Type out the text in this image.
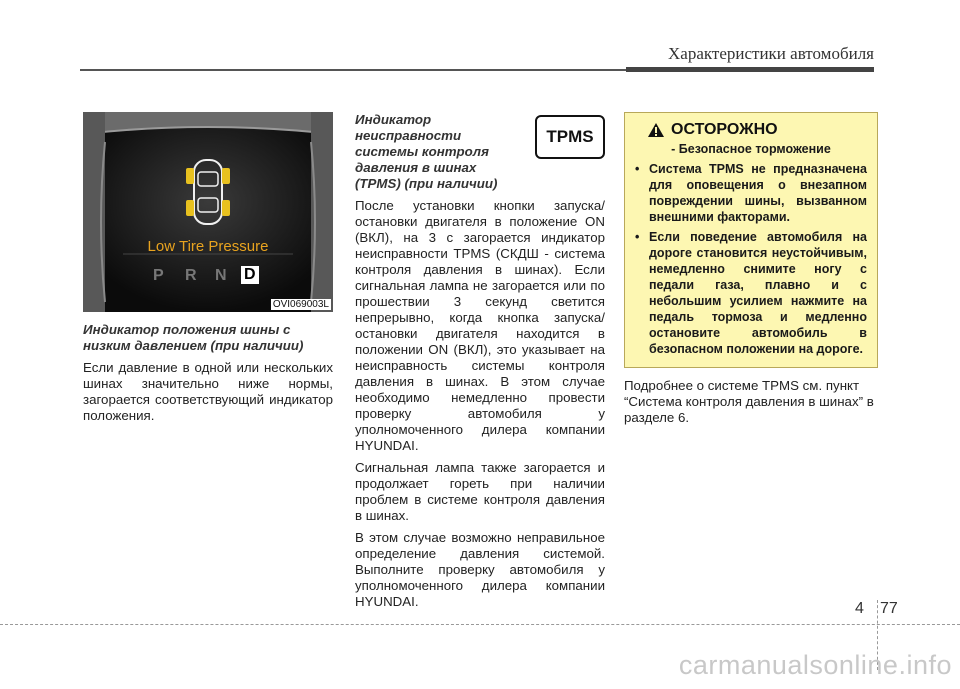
Характеристики автомобиля
Low Tire Pressure
P R N D
OVI069003L
Индикатор положения шины с низким давлением (при наличии)
Если давление в одной или нескольких шинах значительно ниже нормы, загорается соответствующий индикатор положения.
TPMS
Индикатор неисправности системы контроля давления в шинах (TPMS) (при наличии)
После установки кнопки запуска/остановки двигателя в положение ON (ВКЛ), на 3 с загорается индикатор неисправности TPMS (СКДШ - система контроля давления в шинах). Если сигнальная лампа не загорается или по прошествии 3 секунд светится непрерывно, когда кнопка запуска/остановки двигателя находится в положении ON (ВКЛ), это указывает на неисправность системы контроля давления в шинах. В этом случае необходимо немедленно провести проверку автомобиля у уполномоченного дилера компании HYUNDAI.
Сигнальная лампа также загорается и продолжает гореть при наличии проблем в системе контроля давления в шинах.
В этом случае возможно неправильное определение давления системой. Выполните проверку автомобиля у уполномоченного дилера компании HYUNDAI.
ОСТОРОЖНО
- Безопасное торможение
• Система TPMS не предназначена для оповещения о внезапном повреждении шины, вызванном внешними факторами.
• Если поведение автомобиля на дороге становится неустойчивым, немедленно снимите ногу с педали газа, плавно и с небольшим усилием нажмите на педаль тормоза и медленно остановите автомобиль в безопасном положении на дороге.
Подробнее о системе TPMS см. пункт “Система контроля давления в шинах” в разделе 6.
4 77
carmanualsonline.info
